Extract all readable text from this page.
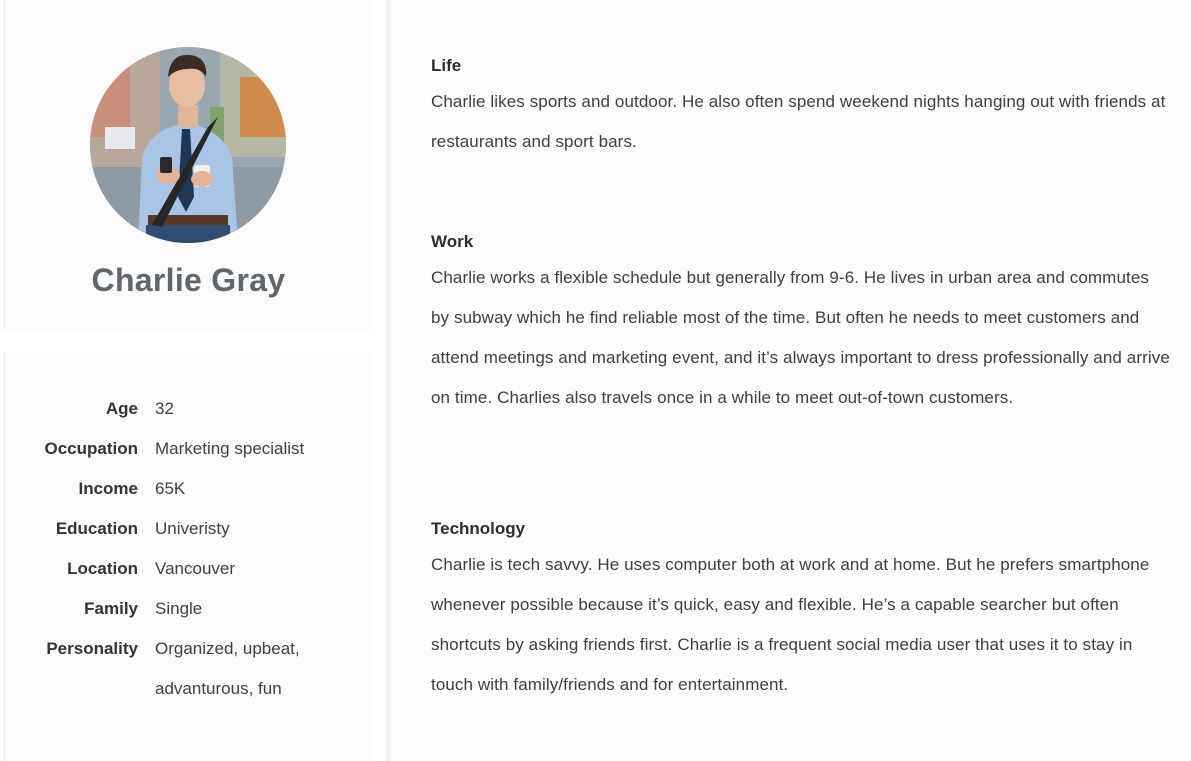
Charlie Gray
Age 32
Occupation Marketing specialist
Income 65K
Education Univeristy
Location Vancouver
Family Single
Personality Organized, upbeat,
advanturous, fun
Life

Charlie likes sports and outdoor. He also often spend weekend nights hanging out with friends at restaurants and sport bars.

Work

Charlie works a flexible schedule but generally from 9-6. He lives in urban area and commutes by subway which he find reliable most of the time. But often he needs to meet customers and attend meetings and marketing event, and it’s always important to dress professionally and arrive on time. Charlies also travels once in a while to meet out-of-town customers.

Technology

Charlie is tech savvy. He uses computer both at work and at home. But he prefers smartphone whenever possible because it’s quick, easy and flexible. He’s a capable searcher but often shortcuts by asking friends first. Charlie is a frequent social media user that uses it to stay in touch with family/friends and for entertainment.
